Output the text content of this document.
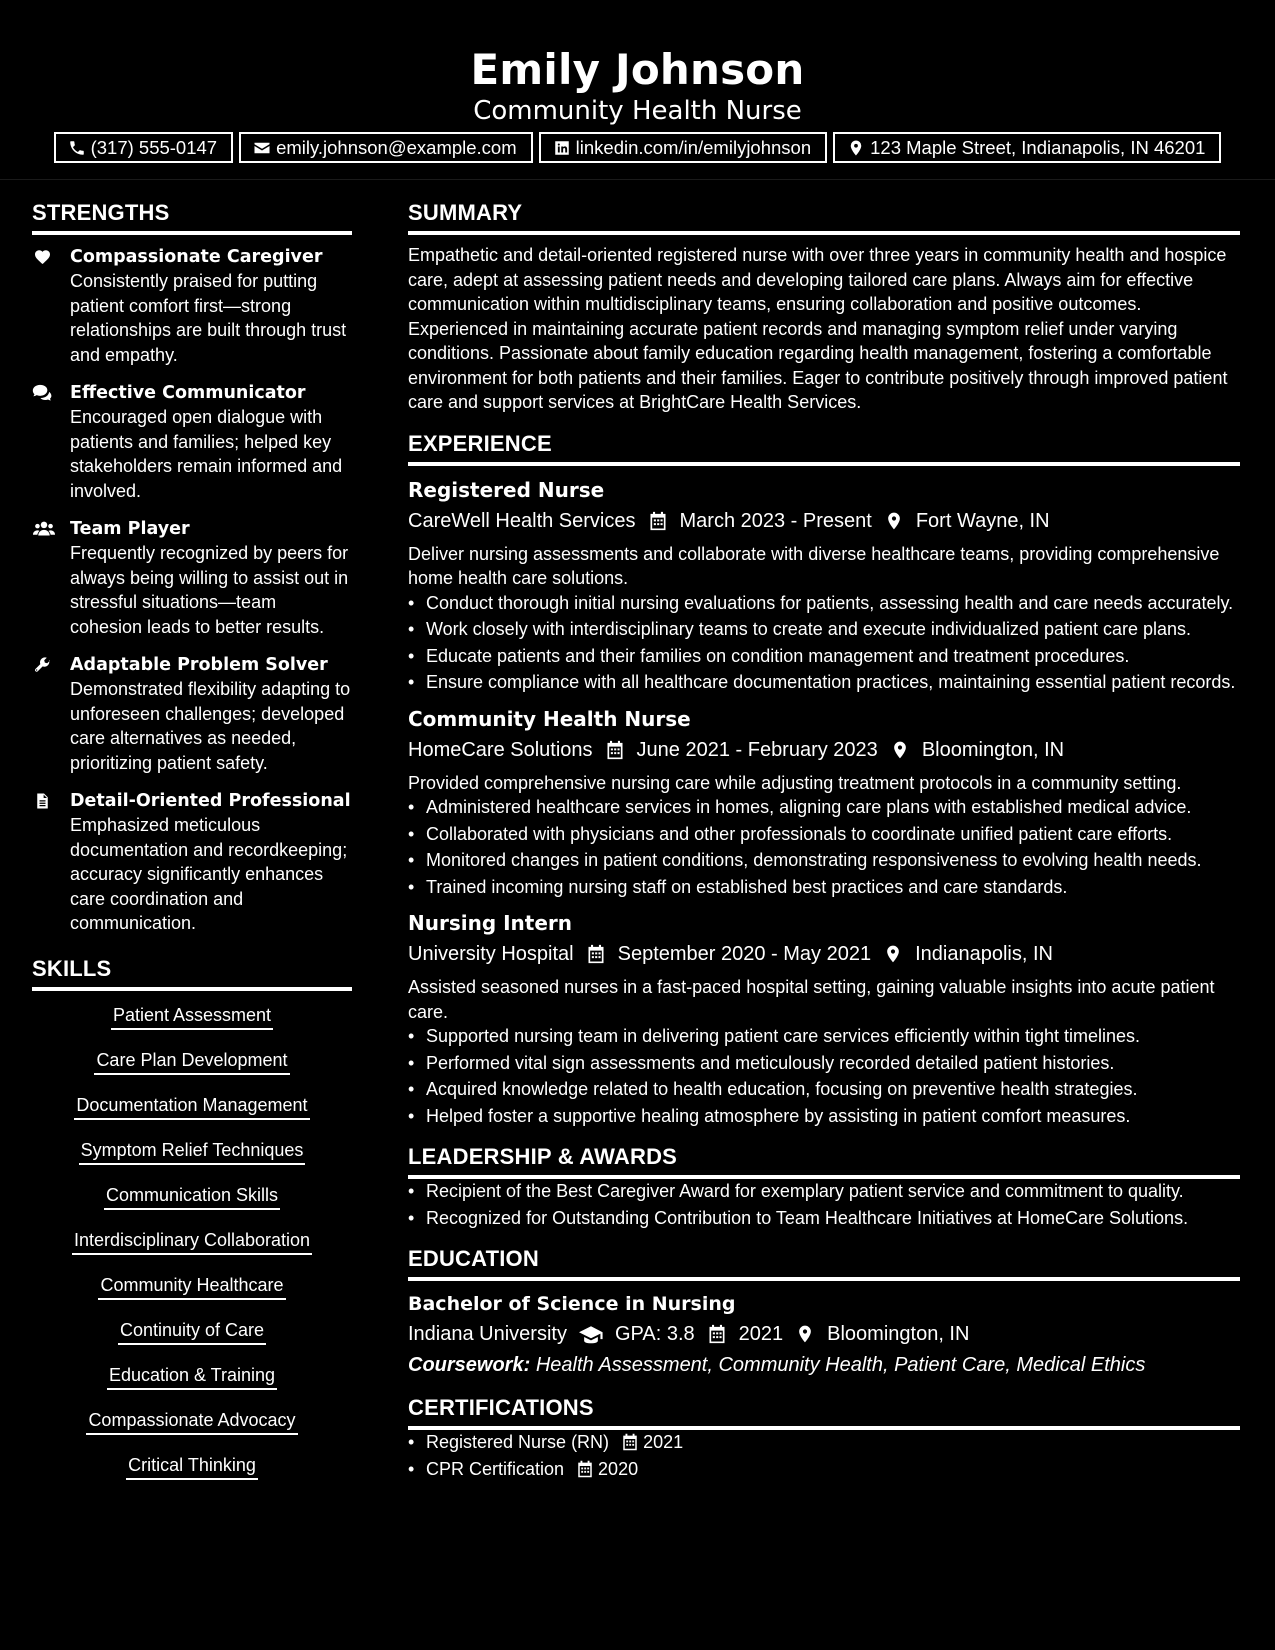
Emily Johnson
Community Health Nurse
(317) 555-0147	emily.johnson@example.com	linkedin.com/in/emilyjohnson	123 Maple Street, Indianapolis, IN 46201
STRENGTHS
Compassionate Caregiver
Consistently praised for putting patient comfort first—strong relationships are built through trust and empathy.
Effective Communicator
Encouraged open dialogue with patients and families; helped key stakeholders remain informed and involved.
Team Player
Frequently recognized by peers for always being willing to assist out in stressful situations—team cohesion leads to better results.
Adaptable Problem Solver
Demonstrated flexibility adapting to unforeseen challenges; developed care alternatives as needed, prioritizing patient safety.
Detail-Oriented Professional
Emphasized meticulous documentation and recordkeeping; accuracy significantly enhances care coordination and communication.
SKILLS
Patient Assessment
Care Plan Development
Documentation Management
Symptom Relief Techniques
Communication Skills
Interdisciplinary Collaboration
Community Healthcare
Continuity of Care
Education & Training
Compassionate Advocacy
Critical Thinking
SUMMARY

Empathetic and detail-oriented registered nurse with over three years in community health and hospice care, adept at assessing patient needs and developing tailored care plans. Always aim for effective communication within multidisciplinary teams, ensuring collaboration and positive outcomes. Experienced in maintaining accurate patient records and managing symptom relief under varying conditions. Passionate about family education regarding health management, fostering a comfortable environment for both patients and their families. Eager to contribute positively through improved patient care and support services at BrightCare Health Services.

EXPERIENCE
Registered Nurse
CareWell Health Services March 2023 - Present Fort Wayne, IN

Deliver nursing assessments and collaborate with diverse healthcare teams, providing comprehensive home health care solutions.

• Conduct thorough initial nursing evaluations for patients, assessing health and care needs accurately.
• Work closely with interdisciplinary teams to create and execute individualized patient care plans.
• Educate patients and their families on condition management and treatment procedures.
• Ensure compliance with all healthcare documentation practices, maintaining essential patient records.
Community Health Nurse
HomeCare Solutions June 2021 - February 2023 Bloomington, IN

Provided comprehensive nursing care while adjusting treatment protocols in a community setting.

• Administered healthcare services in homes, aligning care plans with established medical advice.
• Collaborated with physicians and other professionals to coordinate unified patient care efforts.
• Monitored changes in patient conditions, demonstrating responsiveness to evolving health needs.
• Trained incoming nursing staff on established best practices and care standards.
Nursing Intern
University Hospital September 2020 - May 2021 Indianapolis, IN

Assisted seasoned nurses in a fast-paced hospital setting, gaining valuable insights into acute patient care.

• Supported nursing team in delivering patient care services efficiently within tight timelines.
• Performed vital sign assessments and meticulously recorded detailed patient histories.
• Acquired knowledge related to health education, focusing on preventive health strategies.
• Helped foster a supportive healing atmosphere by assisting in patient comfort measures.
LEADERSHIP & AWARDS
• Recipient of the Best Caregiver Award for exemplary patient service and commitment to quality.
• Recognized for Outstanding Contribution to Team Healthcare Initiatives at HomeCare Solutions.
EDUCATION
Bachelor of Science in Nursing
Indiana University GPA: 3.8 2021 Bloomington, IN
Coursework: Health Assessment, Community Health, Patient Care, Medical Ethics
CERTIFICATIONS
• Registered Nurse (RN) 2021
• CPR Certification 2020
